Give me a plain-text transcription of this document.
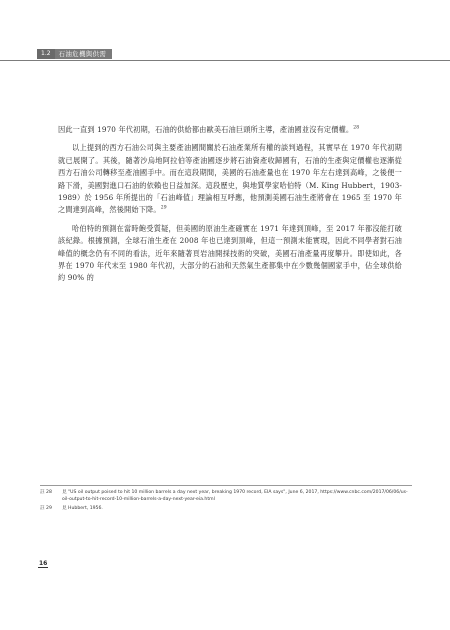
1.2	石油危機與供需

因此一直到 1970 年代初期，石油的供給都由歐美石油巨頭所主導，產油國並沒有定價權。$^{28}$

以上提到的西方石油公司與主要產油國間關於石油產業所有權的談判過程，其實早在 1970 年代初期就已展開了。其後，隨著沙烏地阿拉伯等產油國逐步將石油資產收歸國有，石油的生產與定價權也逐漸從西方石油公司轉移至產油國手中。而在這段期間，美國的石油產量也在 1970 年左右達到高峰，之後便一路下滑，美國對進口石油的依賴也日益加深。這段歷史，與地質學家哈伯特（M. King Hubbert，1903-1989）於 1956 年所提出的「石油峰值」理論相互呼應，他預測美國石油生產將會在 1965 至 1970 年之間達到高峰，然後開始下降。$^{29}$

哈伯特的預測在當時飽受質疑，但美國的原油生產確實在 1971 年達到頂峰，至 2017 年都沒能打破該紀錄。根據預測，全球石油生產在 2008 年也已達到頂峰，但這一預測未能實現，因此不同學者對石油峰值的概念仍有不同的看法，近年來隨著頁岩油開採技術的突破，美國石油產量再度攀升。即使如此，各界在 1970 年代末至 1980 年代初，大部分的石油和天然氣生產都集中在少數幾個國家手中，佔全球供給約 90% 的

註 28	見 "US oil output poised to hit 10 million barrels a day next year, breaking 1970 record, EIA says", June 6, 2017, https://www.cnbc.com/2017/06/06/us-oil-output-to-hit-record-10-million-barrels-a-day-next-year-eia.html
註 29	見 Hubbert, 1956.
16
